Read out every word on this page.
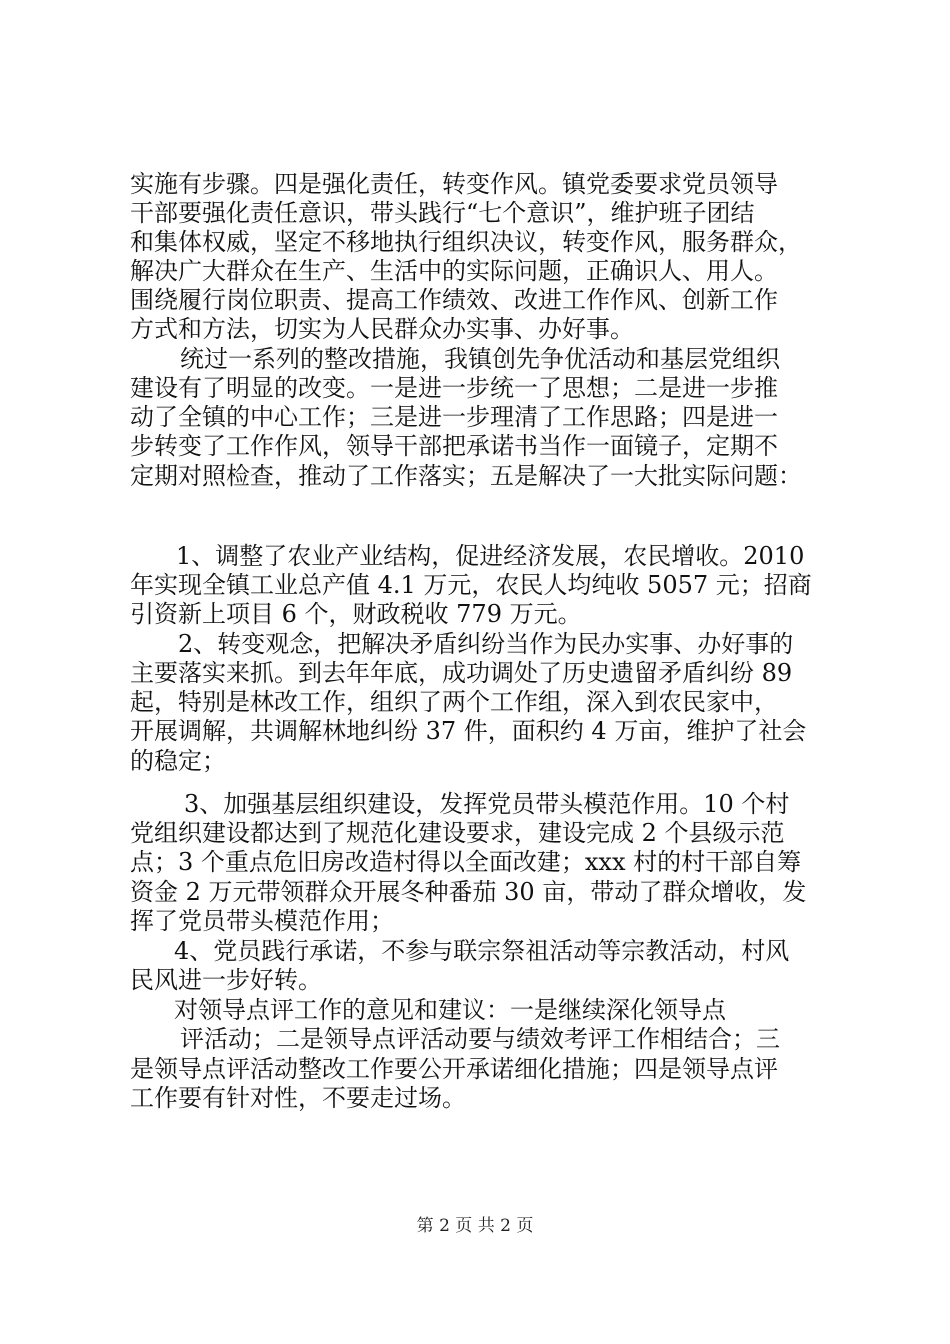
实施有步骤。四是强化责任，转变作风。镇党委要求党员领导
干部要强化责任意识，带头践行“七个意识”，维护班子团结
和集体权威，坚定不移地执行组织决议，转变作风，服务群众，
解决广大群众在生产、生活中的实际问题，正确识人、用人。
围绕履行岗位职责、提高工作绩效、改进工作作风、创新工作
方式和方法，切实为人民群众办实事、办好事。
统过一系列的整改措施，我镇创先争优活动和基层党组织
建设有了明显的改变。一是进一步统一了思想；二是进一步推
动了全镇的中心工作；三是进一步理清了工作思路；四是进一
步转变了工作作风，领导干部把承诺书当作一面镜子，定期不
定期对照检查，推动了工作落实；五是解决了一大批实际问题：
1、调整了农业产业结构，促进经济发展，农民增收。2010
年实现全镇工业总产值 4.1 万元，农民人均纯收 5057 元；招商
引资新上项目 6 个，财政税收 779 万元。
2、转变观念，把解决矛盾纠纷当作为民办实事、办好事的
主要落实来抓。到去年年底，成功调处了历史遗留矛盾纠纷 89
起，特别是林改工作，组织了两个工作组，深入到农民家中，
开展调解，共调解林地纠纷 37 件，面积约 4 万亩，维护了社会
的稳定；
3、加强基层组织建设，发挥党员带头模范作用。10 个村
党组织建设都达到了规范化建设要求，建设完成 2 个县级示范
点；3 个重点危旧房改造村得以全面改建；xxx 村的村干部自筹
资金 2 万元带领群众开展冬种番茄 30 亩，带动了群众增收，发
挥了党员带头模范作用；
4、党员践行承诺，不参与联宗祭祖活动等宗教活动，村风
民风进一步好转。
对领导点评工作的意见和建议：一是继续深化领导点
评活动；二是领导点评活动要与绩效考评工作相结合；三
是领导点评活动整改工作要公开承诺细化措施；四是领导点评
工作要有针对性，不要走过场。
第 2 页 共 2 页
